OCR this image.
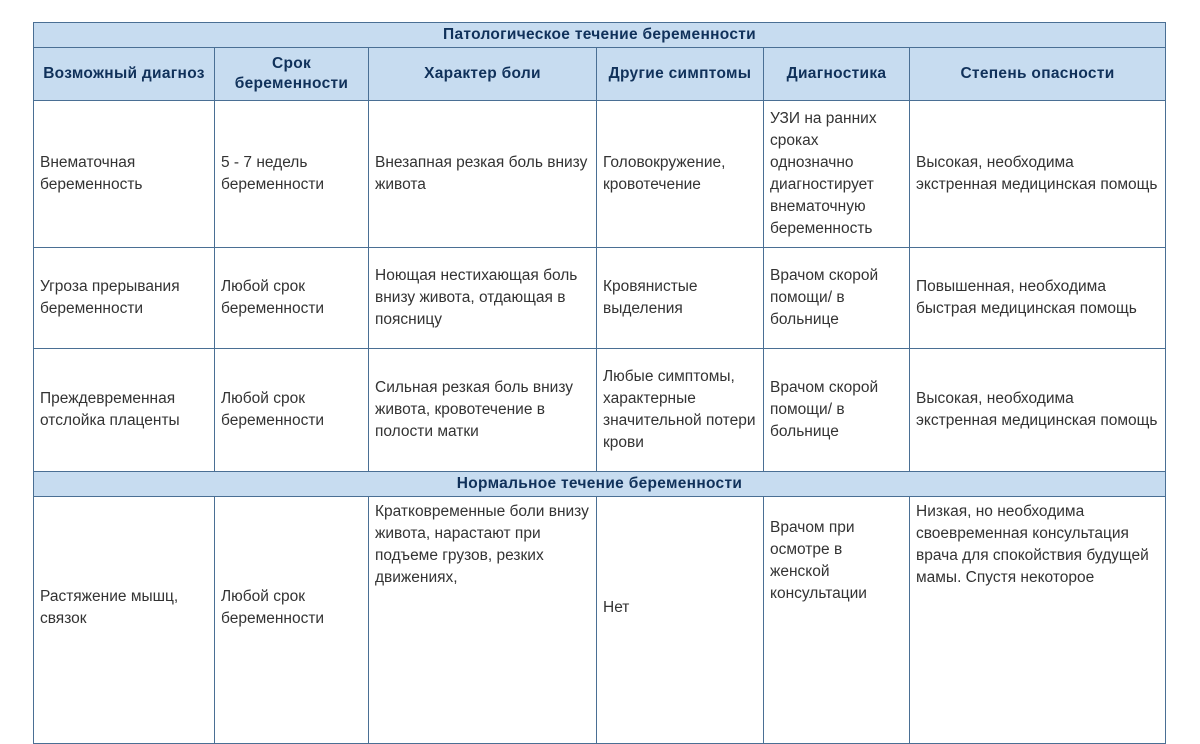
Патологическое течение беременности					
Возможный диагноз	Срок беременности	Характер боли	Другие симптомы	Диагностика	Степень опасности
Внематочная беременность	5 - 7 недель беременности	Внезапная резкая боль внизу живота	Головокружение, кровотечение	УЗИ на ранних сроках однозначно диагностирует внематочную беременность	Высокая, необходима экстренная медицинская помощь
Угроза прерывания беременности	Любой срок беременности	Ноющая нестихающая боль внизу живота, отдающая в поясницу	Кровянистые выделения	Врачом скорой помощи/ в больнице	Повышенная, необходима быстрая медицинская помощь
Преждевременная отслойка плаценты	Любой срок беременности	Сильная резкая боль внизу живота, кровотечение в полости матки	Любые симптомы, характерные значительной потери крови	Врачом скорой помощи/ в больнице	Высокая, необходима экстренная медицинская помощь
Нормальное течение беременности					
Растяжение мышц, связок	Любой срок беременности	Кратковременные боли внизу живота, нарастают при подъеме грузов, резких движениях,	Нет	Врачом при осмотре в женской консультации	Низкая, но необходима своевременная консультация врача для спокойствия будущей мамы. Спустя некоторое
